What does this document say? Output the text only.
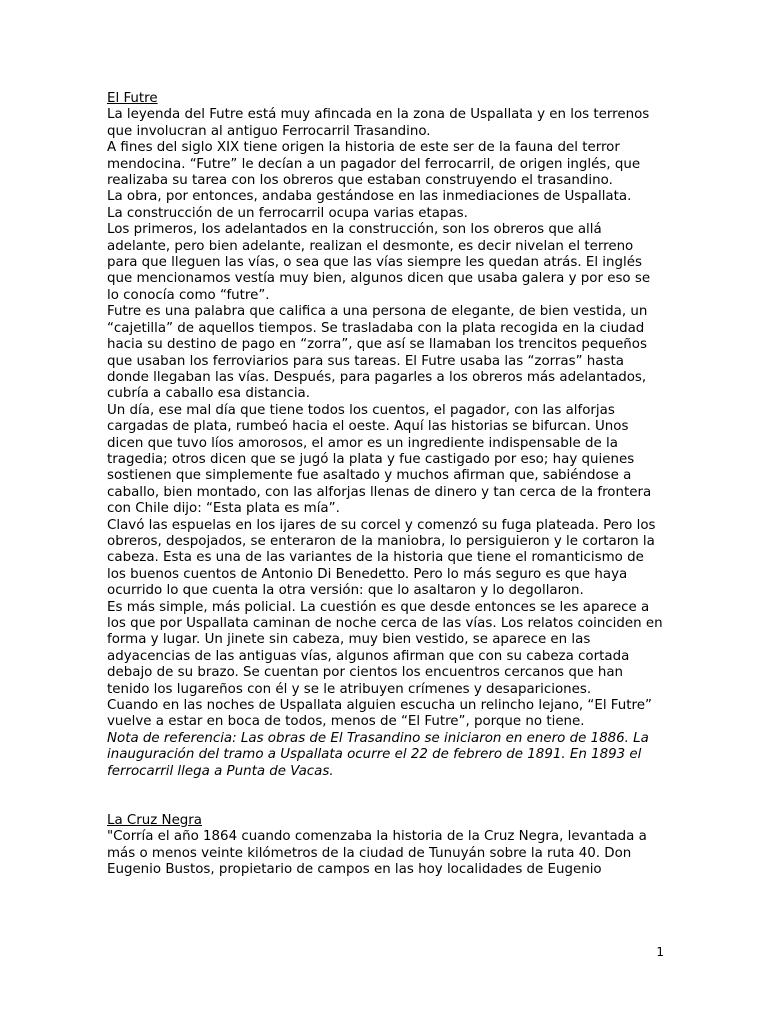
El Futre

La leyenda del Futre está muy afincada en la zona de Uspallata y en los terrenos que involucran al antiguo Ferrocarril Trasandino.

A fines del siglo XIX tiene origen la historia de este ser de la fauna del terror mendocina. “Futre” le decían a un pagador del ferrocarril, de origen inglés, que realizaba su tarea con los obreros que estaban construyendo el trasandino.

La obra, por entonces, andaba gestándose en las inmediaciones de Uspallata.

La construcción de un ferrocarril ocupa varias etapas.

Los primeros, los adelantados en la construcción, son los obreros que allá adelante, pero bien adelante, realizan el desmonte, es decir nivelan el terreno para que lleguen las vías, o sea que las vías siempre les quedan atrás. El inglés que mencionamos vestía muy bien, algunos dicen que usaba galera y por eso se lo conocía como “futre”.

Futre es una palabra que califica a una persona de elegante, de bien vestida, un “cajetilla” de aquellos tiempos. Se trasladaba con la plata recogida en la ciudad hacia su destino de pago en “zorra”, que así se llamaban los trencitos pequeños que usaban los ferroviarios para sus tareas. El Futre usaba las “zorras” hasta donde llegaban las vías. Después, para pagarles a los obreros más adelantados, cubría a caballo esa distancia.

Un día, ese mal día que tiene todos los cuentos, el pagador, con las alforjas cargadas de plata, rumbeó hacia el oeste. Aquí las historias se bifurcan. Unos dicen que tuvo líos amorosos, el amor es un ingrediente indispensable de la tragedia; otros dicen que se jugó la plata y fue castigado por eso; hay quienes sostienen que simplemente fue asaltado y muchos afirman que, sabiéndose a caballo, bien montado, con las alforjas llenas de dinero y tan cerca de la frontera con Chile dijo: “Esta plata es mía”.

Clavó las espuelas en los ijares de su corcel y comenzó su fuga plateada. Pero los obreros, despojados, se enteraron de la maniobra, lo persiguieron y le cortaron la cabeza. Esta es una de las variantes de la historia que tiene el romanticismo de los buenos cuentos de Antonio Di Benedetto. Pero lo más seguro es que haya ocurrido lo que cuenta la otra versión: que lo asaltaron y lo degollaron.

Es más simple, más policial. La cuestión es que desde entonces se les aparece a los que por Uspallata caminan de noche cerca de las vías. Los relatos coinciden en forma y lugar. Un jinete sin cabeza, muy bien vestido, se aparece en las adyacencias de las antiguas vías, algunos afirman que con su cabeza cortada debajo de su brazo. Se cuentan por cientos los encuentros cercanos que han tenido los lugareños con él y se le atribuyen crímenes y desapariciones.

Cuando en las noches de Uspallata alguien escucha un relincho lejano, “El Futre” vuelve a estar en boca de todos, menos de “El Futre”, porque no tiene.

Nota de referencia: Las obras de El Trasandino se iniciaron en enero de 1886. La inauguración del tramo a Uspallata ocurre el 22 de febrero de 1891. En 1893 el ferrocarril llega a Punta de Vacas.

La Cruz Negra

"Corría el año 1864 cuando comenzaba la historia de la Cruz Negra, levantada a más o menos veinte kilómetros de la ciudad de Tunuyán sobre la ruta 40. Don Eugenio Bustos, propietario de campos en las hoy localidades de Eugenio

1
